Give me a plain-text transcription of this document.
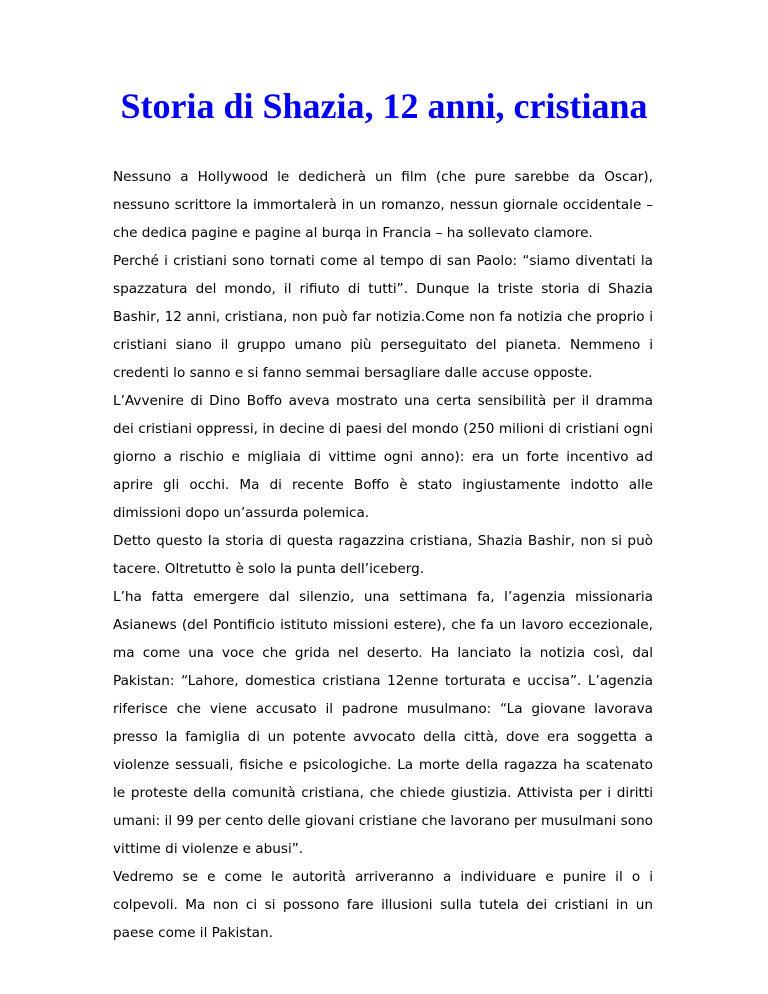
Storia di Shazia, 12 anni, cristiana

Nessuno a Hollywood le dedicherà un film (che pure sarebbe da Oscar), nessuno scrittore la immortalerà in un romanzo, nessun giornale occidentale – che dedica pagine e pagine al burqa in Francia – ha sollevato clamore.

Perché i cristiani sono tornati come al tempo di san Paolo: “siamo diventati la spazzatura del mondo, il rifiuto di tutti”. Dunque la triste storia di Shazia Bashir, 12 anni, cristiana, non può far notizia.Come non fa notizia che proprio i cristiani siano il gruppo umano più perseguitato del pianeta. Nemmeno i credenti lo sanno e si fanno semmai bersagliare dalle accuse opposte.

L’Avvenire di Dino Boffo aveva mostrato una certa sensibilità per il dramma dei cristiani oppressi, in decine di paesi del mondo (250 milioni di cristiani ogni giorno a rischio e migliaia di vittime ogni anno): era un forte incentivo ad aprire gli occhi. Ma di recente Boffo è stato ingiustamente indotto alle dimissioni dopo un’assurda polemica.

Detto questo la storia di questa ragazzina cristiana, Shazia Bashir, non si può tacere. Oltretutto è solo la punta dell’iceberg.

L’ha fatta emergere dal silenzio, una settimana fa, l’agenzia missionaria Asianews (del Pontificio istituto missioni estere), che fa un lavoro eccezionale, ma come una voce che grida nel deserto. Ha lanciato la notizia così, dal Pakistan: “Lahore, domestica cristiana 12enne torturata e uccisa”. L’agenzia riferisce che viene accusato il padrone musulmano: “La giovane lavorava presso la famiglia di un potente avvocato della città, dove era soggetta a violenze sessuali, fisiche e psicologiche. La morte della ragazza ha scatenato le proteste della comunità cristiana, che chiede giustizia. Attivista per i diritti umani: il 99 per cento delle giovani cristiane che lavorano per musulmani sono vittime di violenze e abusi”.

Vedremo se e come le autorità arriveranno a individuare e punire il o i colpevoli. Ma non ci si possono fare illusioni sulla tutela dei cristiani in un paese come il Pakistan.
